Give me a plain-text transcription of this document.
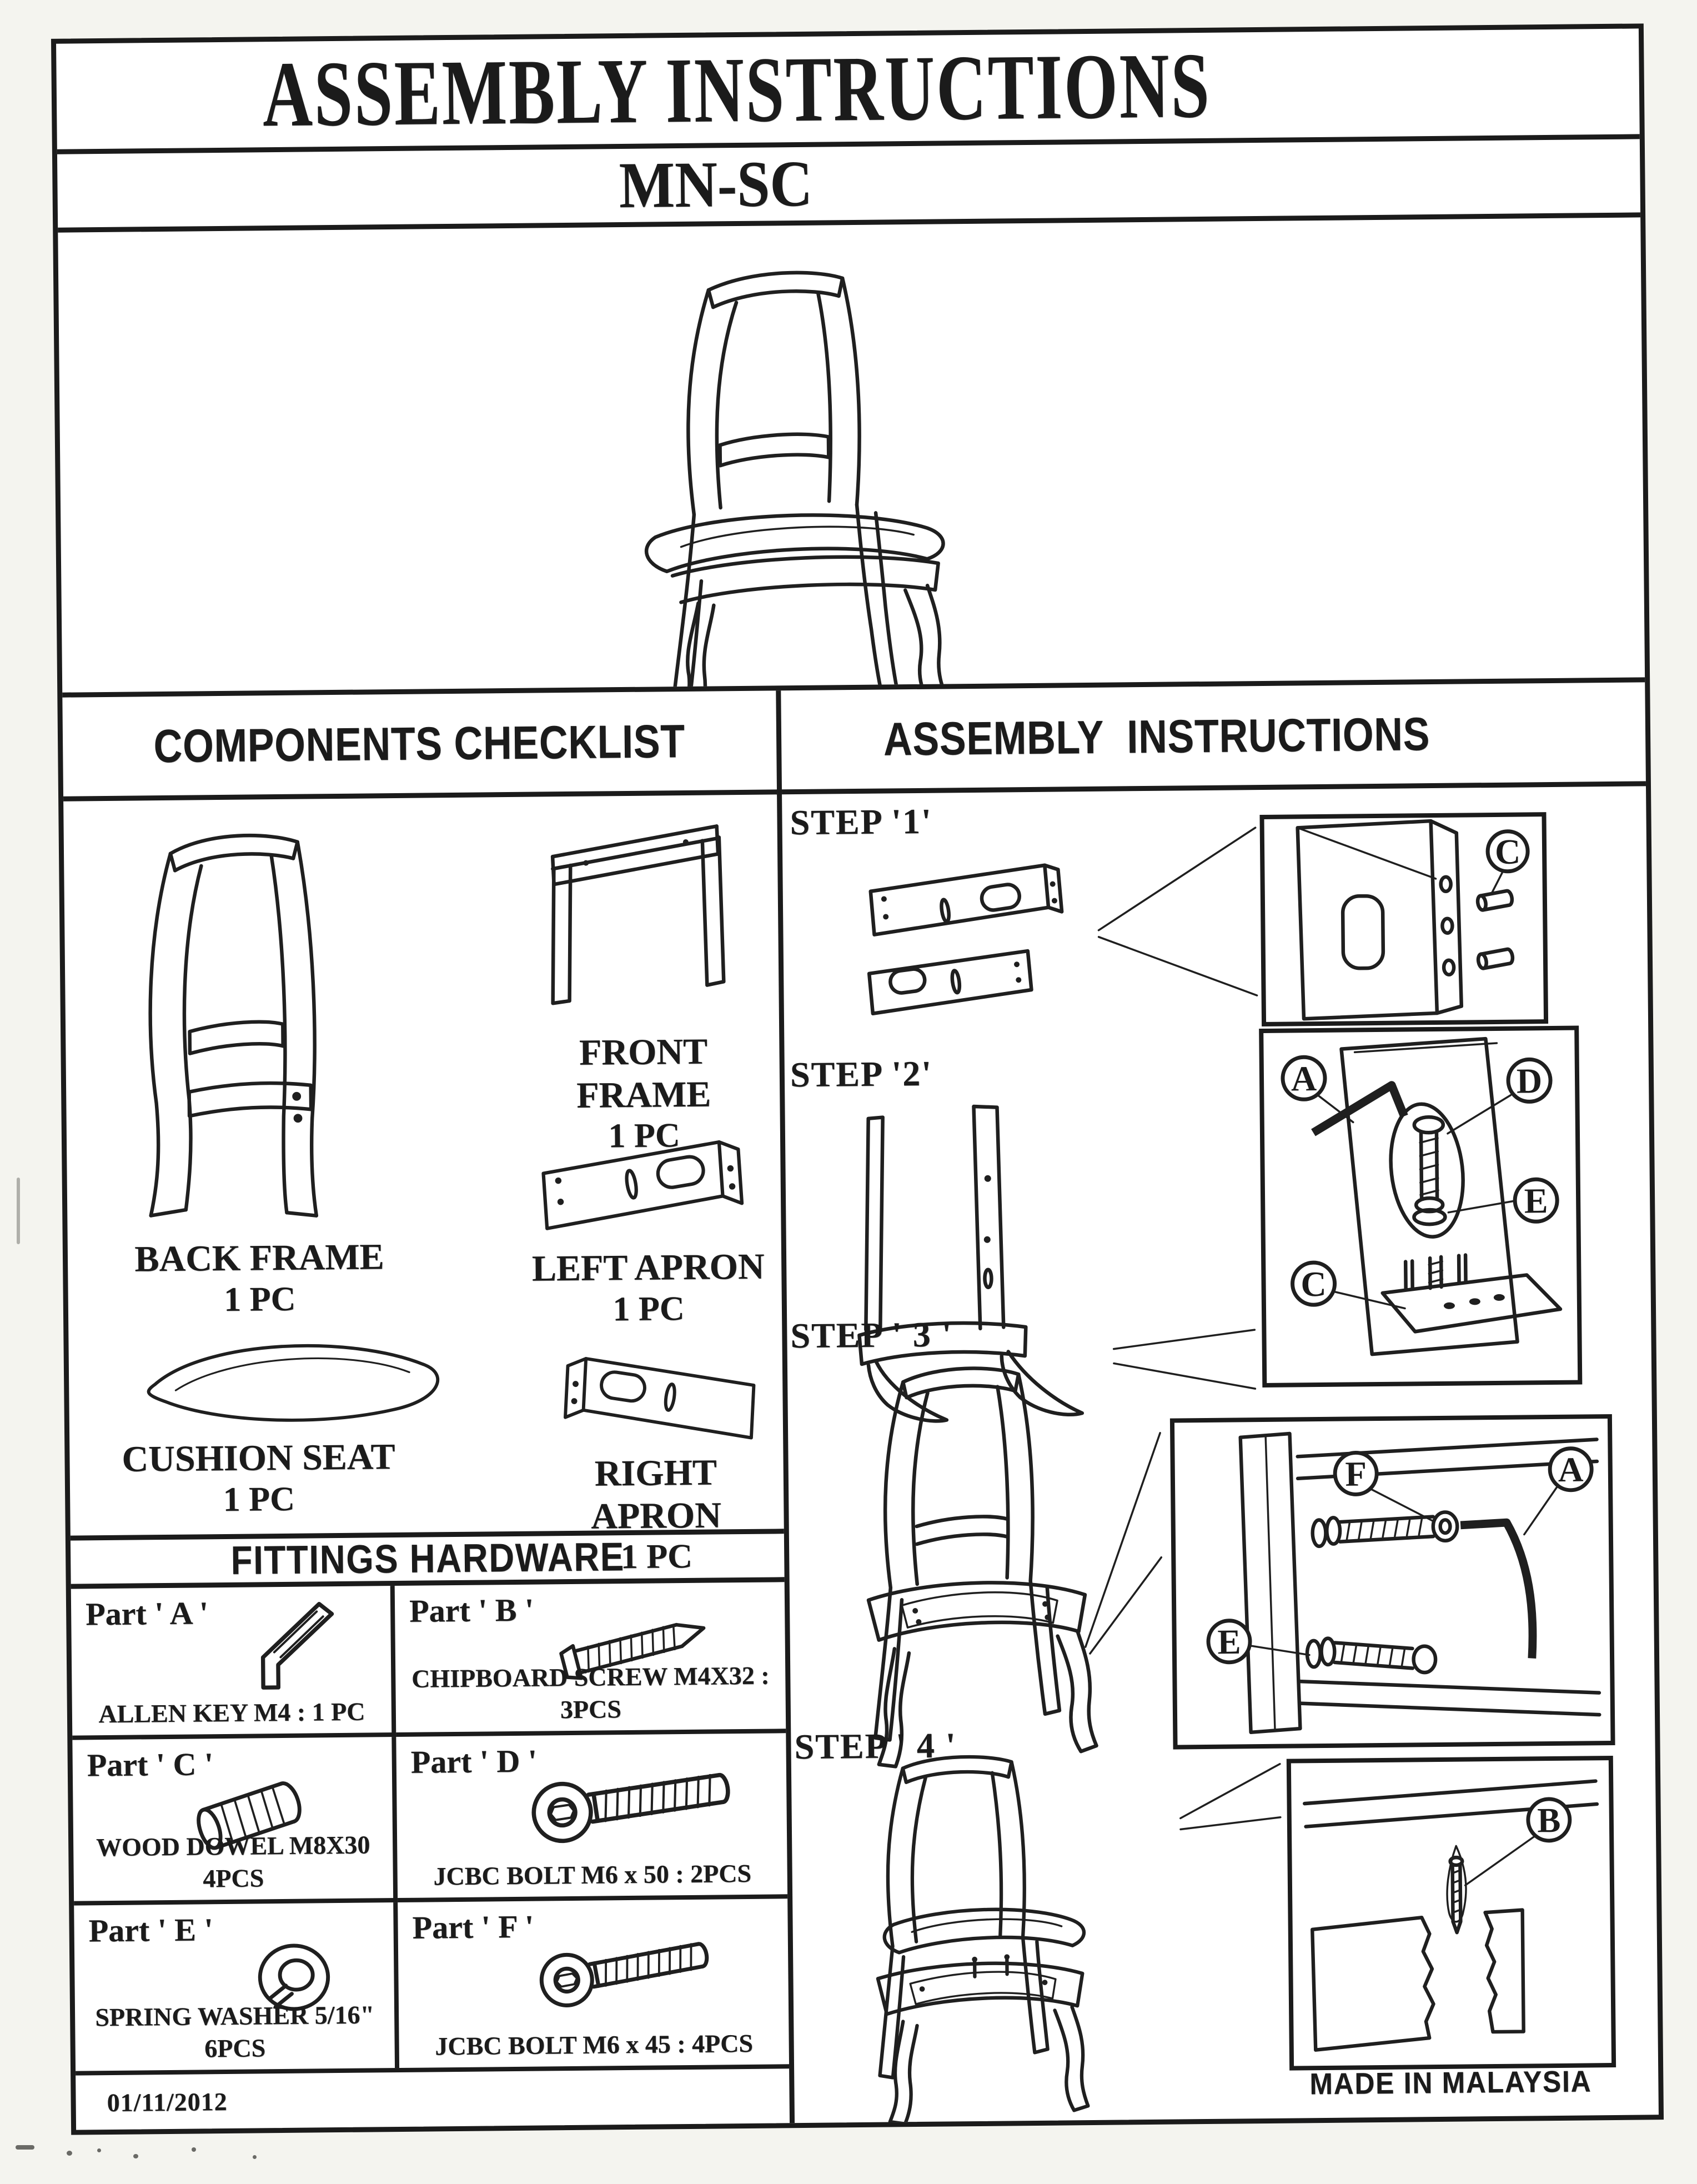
ASSEMBLY INSTRUCTIONS
MN-SC
COMPONENTS CHECKLIST
FRONT FRAME
1 PC
LEFT APRON
1 PC
BACK FRAME
1 PC
CUSHION SEAT
1 PC
RIGHT APRON
1 PC
FITTINGS HARDWARE
Part ' A '
ALLEN KEY M4 : 1 PC
Part ' B '
CHIPBOARD SCREW M4X32 : 3PCS
Part ' C '
WOOD DOWEL M8X30
4PCS
Part ' D '
JCBC BOLT M6 x 50 : 2PCS
Part ' E '
SPRING WASHER 5/16"
6PCS
Part ' F '
JCBC BOLT M6 x 45 : 4PCS
01/11/2012
ASSEMBLY INSTRUCTIONS
STEP '1'
C
STEP '2'	A	D
E
C
STEP ' 3 '
F	A
E
STEP ' 4 '
B
MADE IN MALAYSIA
